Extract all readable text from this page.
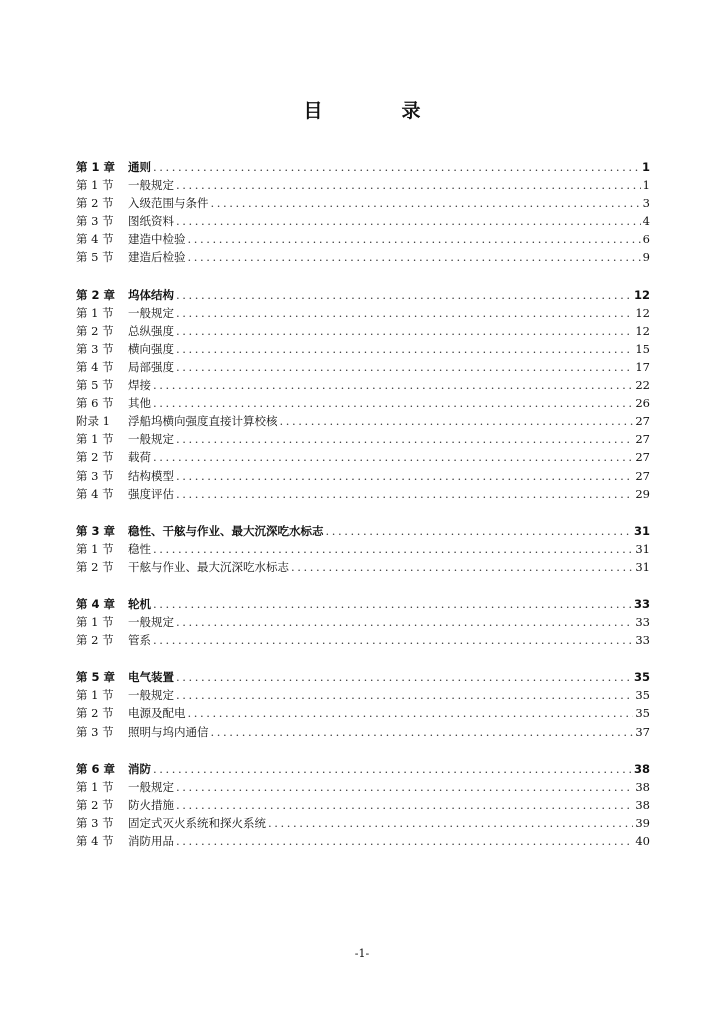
目　录
第 1 章	通则 .....	1
第 1 节	一般规定 .....	1
第 2 节	入级范围与条件 .....	3
第 3 节	图纸资料 .....	4
第 4 节	建造中检验 .....	6
第 5 节	建造后检验 .....	9
第 2 章	坞体结构 .....	12
第 1 节	一般规定 .....	12
第 2 节	总纵强度 .....	12
第 3 节	横向强度 .....	15
第 4 节	局部强度 .....	17
第 5 节	焊接 .....	22
第 6 节	其他 .....	26
附录 1	浮船坞横向强度直接计算校核 .....	27
第 1 节	一般规定 .....	27
第 2 节	载荷 .....	27
第 3 节	结构模型 .....	27
第 4 节	强度评估 .....	29
第 3 章	稳性、干舷与作业、最大沉深吃水标志 .....	31
第 1 节	稳性 .....	31
第 2 节	干舷与作业、最大沉深吃水标志 .....	31
第 4 章	轮机 .....	33
第 1 节	一般规定 .....	33
第 2 节	管系 .....	33
第 5 章	电气装置 .....	35
第 1 节	一般规定 .....	35
第 2 节	电源及配电 .....	35
第 3 节	照明与坞内通信 .....	37
第 6 章	消防 .....	38
第 1 节	一般规定 .....	38
第 2 节	防火措施 .....	38
第 3 节	固定式灭火系统和探火系统 .....	39
第 4 节	消防用品 .....	40
-1-
